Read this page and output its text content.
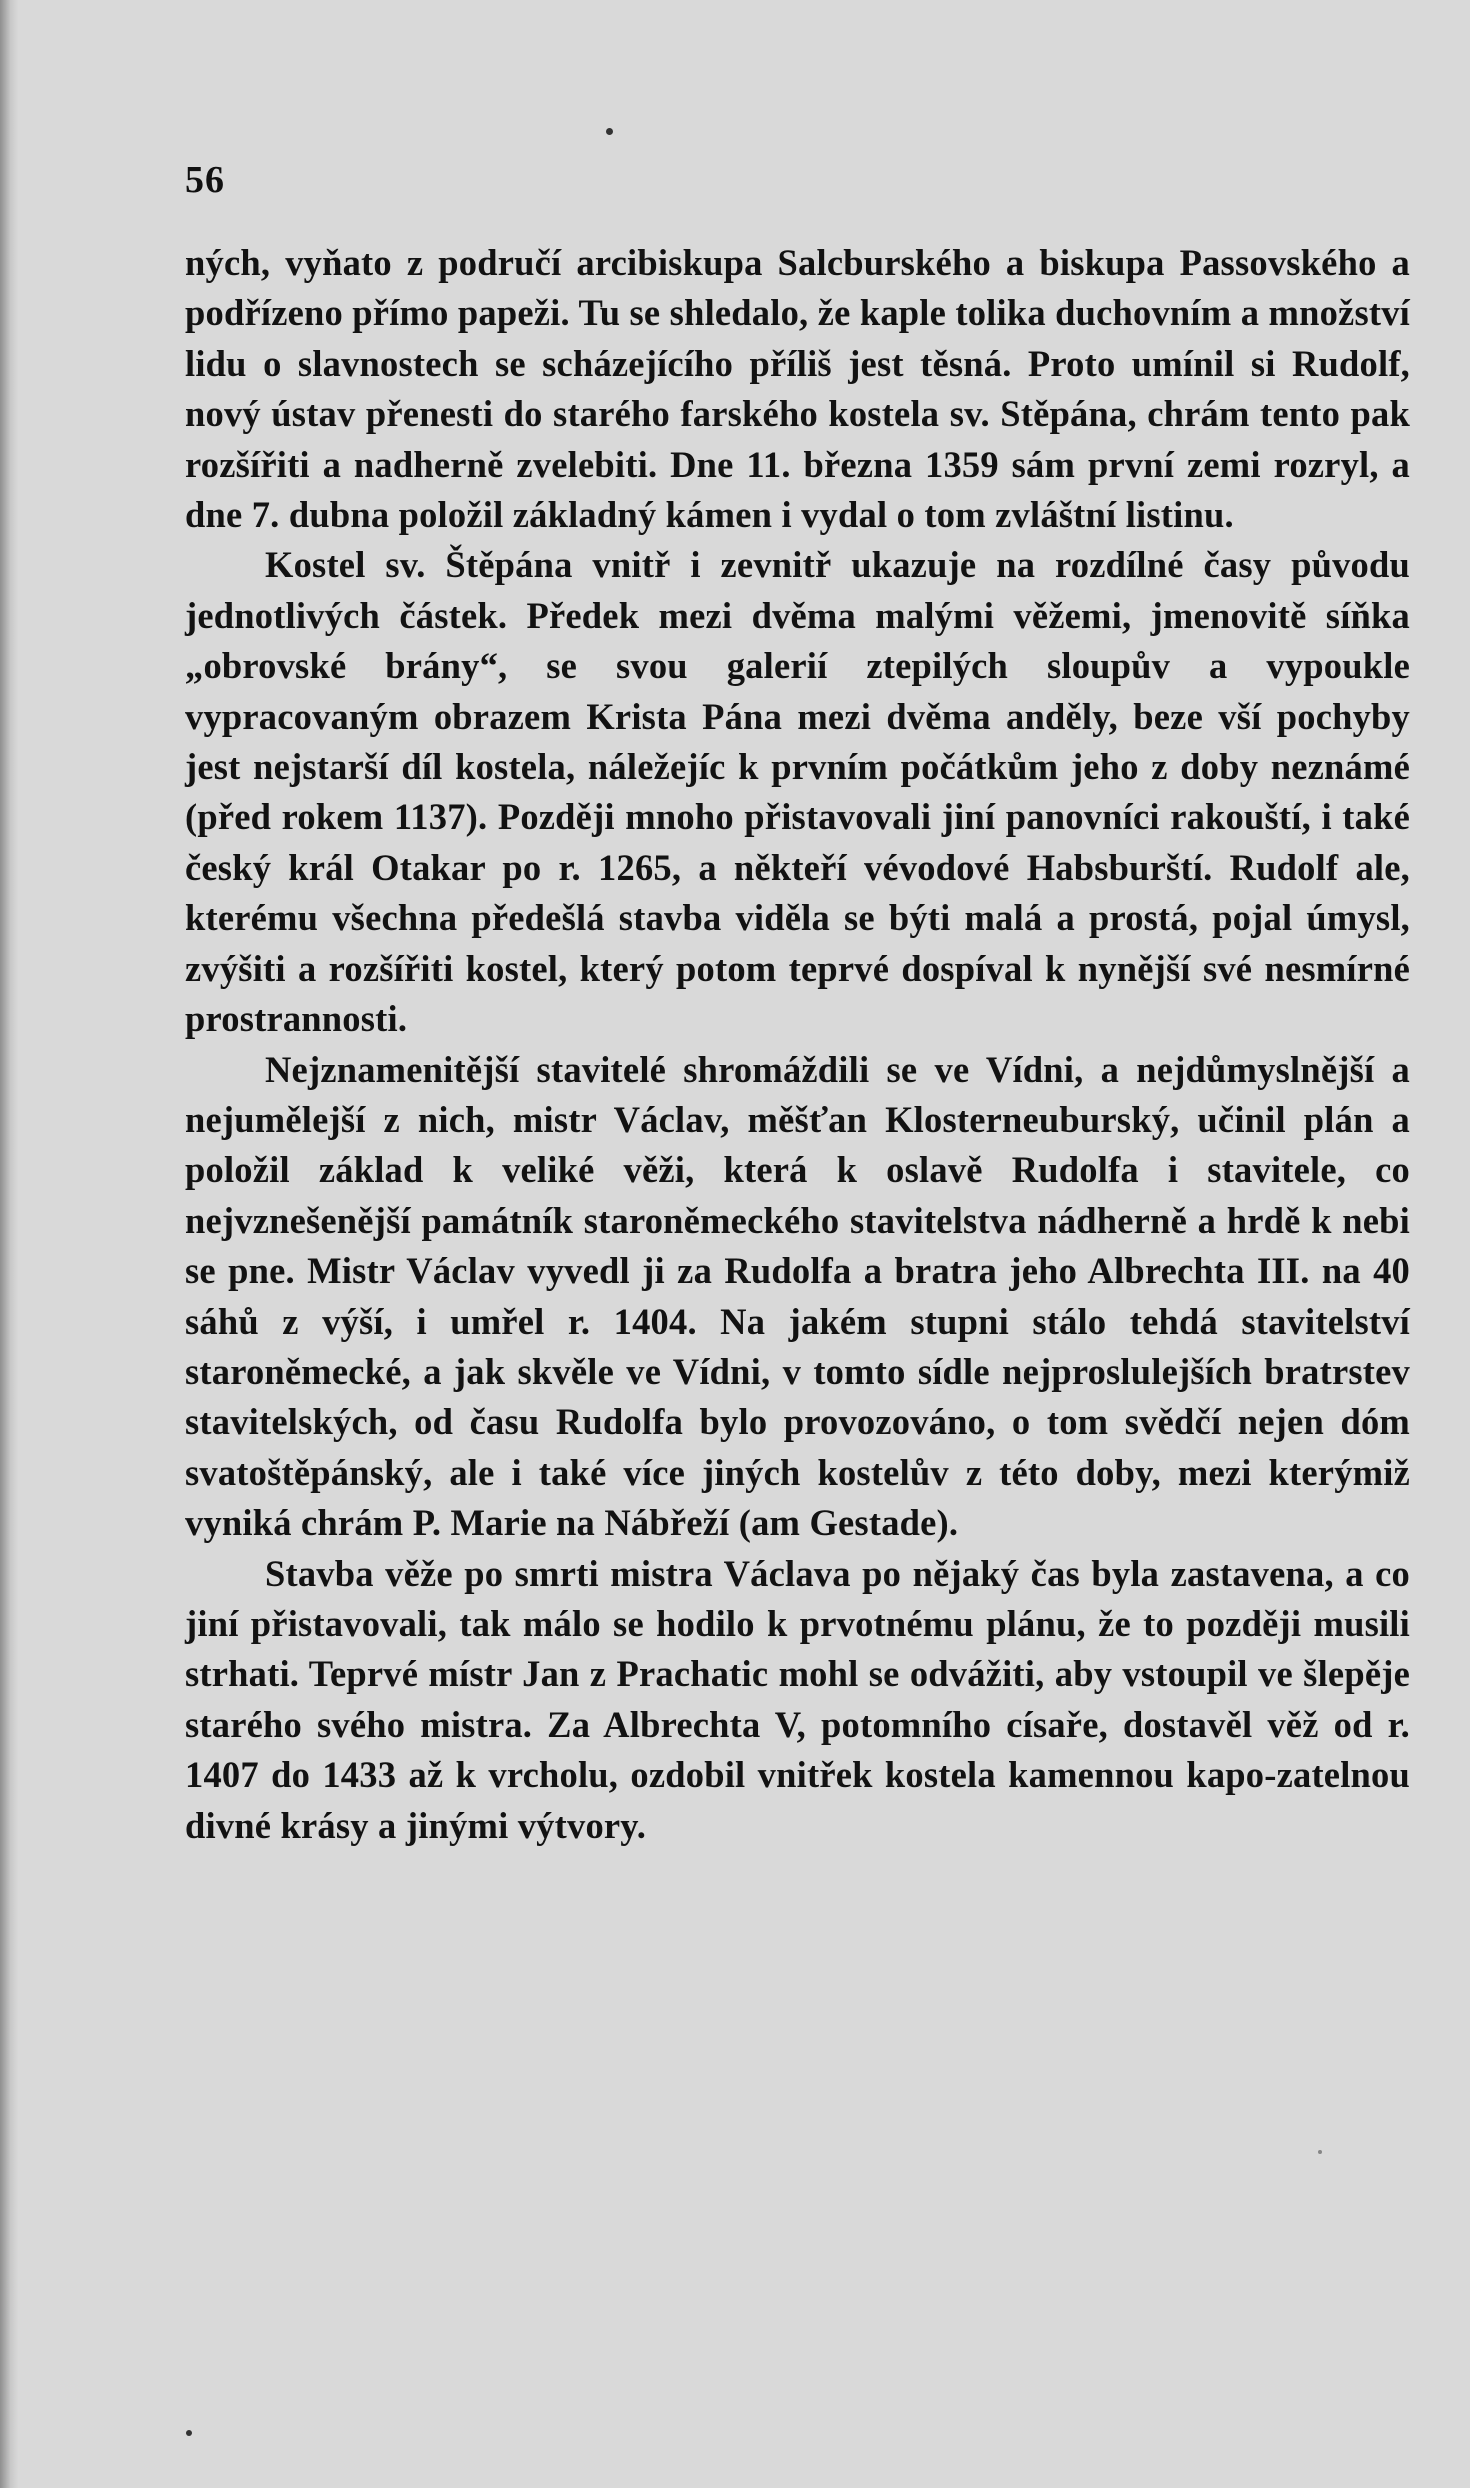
56

ných, vyňato z područí arcibiskupa Salcburského a biskupa Passovského a podřízeno přímo papeži. Tu se shledalo, že kaple tolika duchovním a množství lidu o slavnostech se scházejícího příliš jest těsná. Proto umínil si Rudolf, nový ústav přenesti do starého farského kostela sv. Stěpána, chrám tento pak rozšířiti a nadherně zvelebiti. Dne 11. března 1359 sám první zemi rozryl, a dne 7. dubna položil základný kámen i vydal o tom zvláštní listinu.

Kostel sv. Štěpána vnitř i zevnitř ukazuje na rozdílné časy původu jednotlivých částek. Předek mezi dvěma malými věžemi, jmenovitě síňka „obrovské brány“, se svou galerií ztepilých sloupův a vypoukle vypracovaným obrazem Krista Pána mezi dvěma anděly, beze vší pochyby jest nejstarší díl kostela, náležejíc k prvním počátkům jeho z doby neznámé (před rokem 1137). Později mnoho přistavovali jiní panovníci rakouští, i také český král Otakar po r. 1265, a někteří vévodové Habsburští. Rudolf ale, kterému všechna předešlá stavba viděla se býti malá a prostá, pojal úmysl, zvýšiti a rozšířiti kostel, který potom teprvé dospíval k nynější své nesmírné prostrannosti.

Nejznamenitější stavitelé shromáždili se ve Vídni, a nejdůmyslnější a nejumělejší z nich, mistr Václav, měšťan Klosterneuburský, učinil plán a položil základ k veliké věži, která k oslavě Rudolfa i stavitele, co nejvznešenější památník staroněmeckého stavitelstva nádherně a hrdě k nebi se pne. Mistr Václav vyvedl ji za Rudolfa a bratra jeho Albrechta III. na 40 sáhů z výší, i umřel r. 1404. Na jakém stupni stálo tehdá stavitelství staroněmecké, a jak skvěle ve Vídni, v tomto sídle nejproslulejších bratrstev stavitelských, od času Rudolfa bylo provozováno, o tom svědčí nejen dóm svatoštěpánský, ale i také více jiných kostelův z této doby, mezi kterýmiž vyniká chrám P. Marie na Nábřeží (am Gestade).

Stavba věže po smrti mistra Václava po nějaký čas byla zastavena, a co jiní přistavovali, tak málo se hodilo k prvotnému plánu, že to později musili strhati. Teprvé místr Jan z Prachatic mohl se odvážiti, aby vstoupil ve šlepěje starého svého mistra. Za Albrechta V, potomního císaře, dostavěl věž od r. 1407 do 1433 až k vrcholu, ozdobil vnitřek kostela kamennou kapo-zatelnou divné krásy a jinými výtvory.
